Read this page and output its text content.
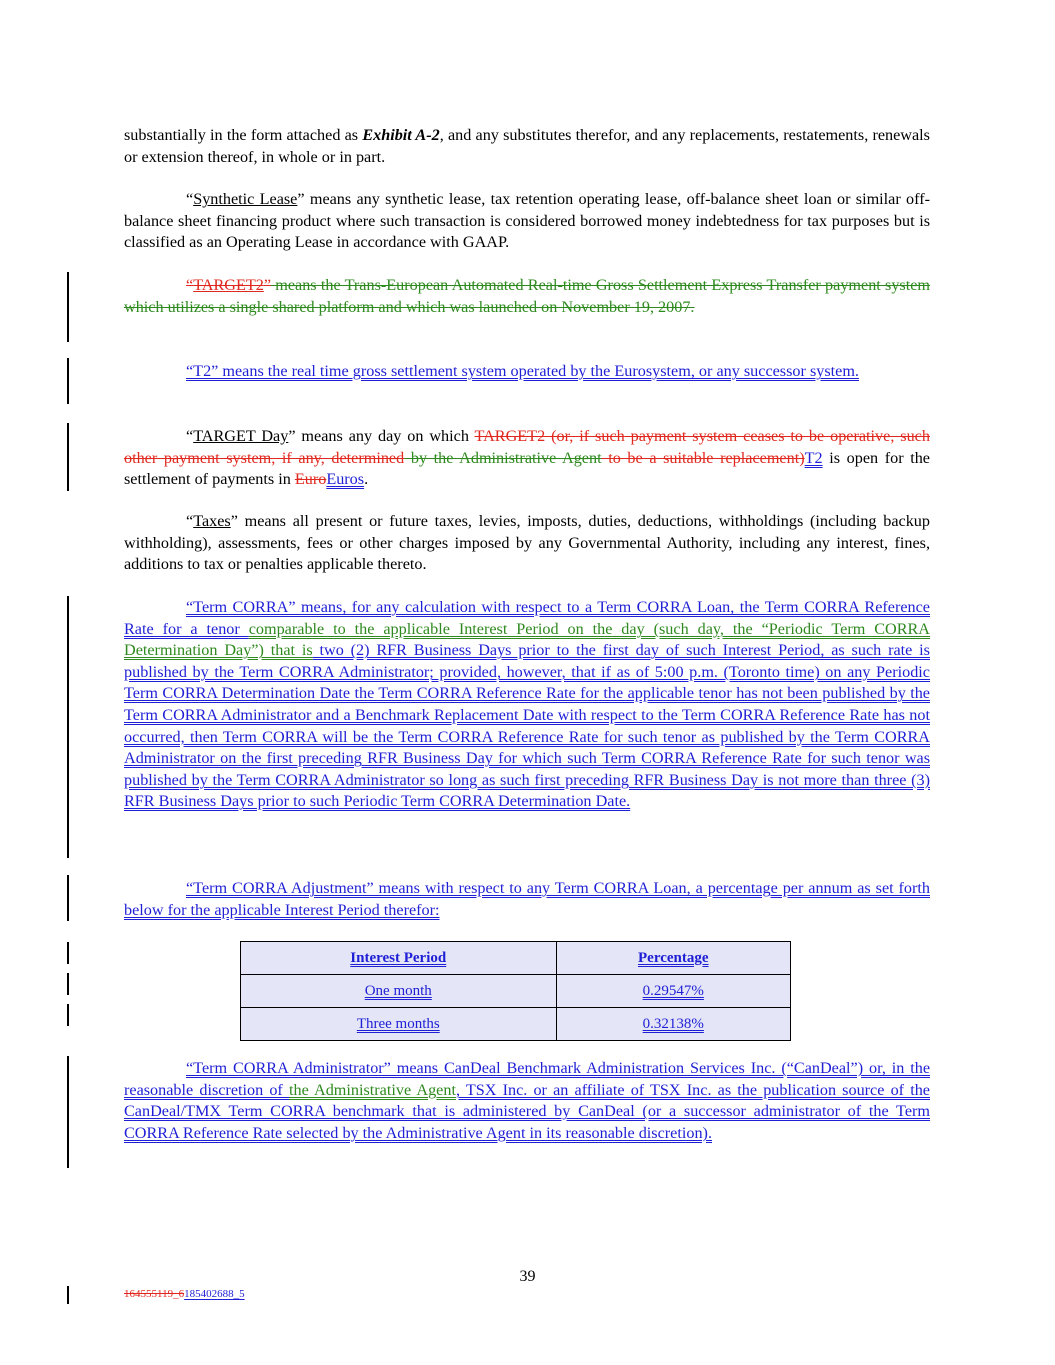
substantially in the form attached as Exhibit A-2, and any substitutes therefor, and any replacements, restatements, renewals or extension thereof, in whole or in part.
“Synthetic Lease” means any synthetic lease, tax retention operating lease, off-balance sheet loan or similar off-balance sheet financing product where such transaction is considered borrowed money indebtedness for tax purposes but is classified as an Operating Lease in accordance with GAAP.
“TARGET2” means the Trans-European Automated Real-time Gross Settlement Express Transfer payment system which utilizes a single shared platform and which was launched on November 19, 2007.
“T2” means the real time gross settlement system operated by the Eurosystem, or any successor system.
“TARGET Day” means any day on which TARGET2 (or, if such payment system ceases to be operative, such other payment system, if any, determined by the Administrative Agent to be a suitable replacement)T2 is open for the settlement of payments in EuroEuros.
“Taxes” means all present or future taxes, levies, imposts, duties, deductions, withholdings (including backup withholding), assessments, fees or other charges imposed by any Governmental Authority, including any interest, fines, additions to tax or penalties applicable thereto.
“Term CORRA” means, for any calculation with respect to a Term CORRA Loan, the Term CORRA Reference Rate for a tenor comparable to the applicable Interest Period on the day (such day, the “Periodic Term CORRA Determination Day”) that is two (2) RFR Business Days prior to the first day of such Interest Period, as such rate is published by the Term CORRA Administrator; provided, however, that if as of 5:00 p.m. (Toronto time) on any Periodic Term CORRA Determination Date the Term CORRA Reference Rate for the applicable tenor has not been published by the Term CORRA Administrator and a Benchmark Replacement Date with respect to the Term CORRA Reference Rate has not occurred, then Term CORRA will be the Term CORRA Reference Rate for such tenor as published by the Term CORRA Administrator on the first preceding RFR Business Day for which such Term CORRA Reference Rate for such tenor was published by the Term CORRA Administrator so long as such first preceding RFR Business Day is not more than three (3) RFR Business Days prior to such Periodic Term CORRA Determination Date.
“Term CORRA Adjustment” means with respect to any Term CORRA Loan, a percentage per annum as set forth below for the applicable Interest Period therefor:
Interest Period	Percentage
One month	0.29547%
Three months	0.32138%
“Term CORRA Administrator” means CanDeal Benchmark Administration Services Inc. (“CanDeal”) or, in the reasonable discretion of the Administrative Agent, TSX Inc. or an affiliate of TSX Inc. as the publication source of the CanDeal/TMX Term CORRA benchmark that is administered by CanDeal (or a successor administrator of the Term CORRA Reference Rate selected by the Administrative Agent in its reasonable discretion).
39
164555119_6185402688_5
